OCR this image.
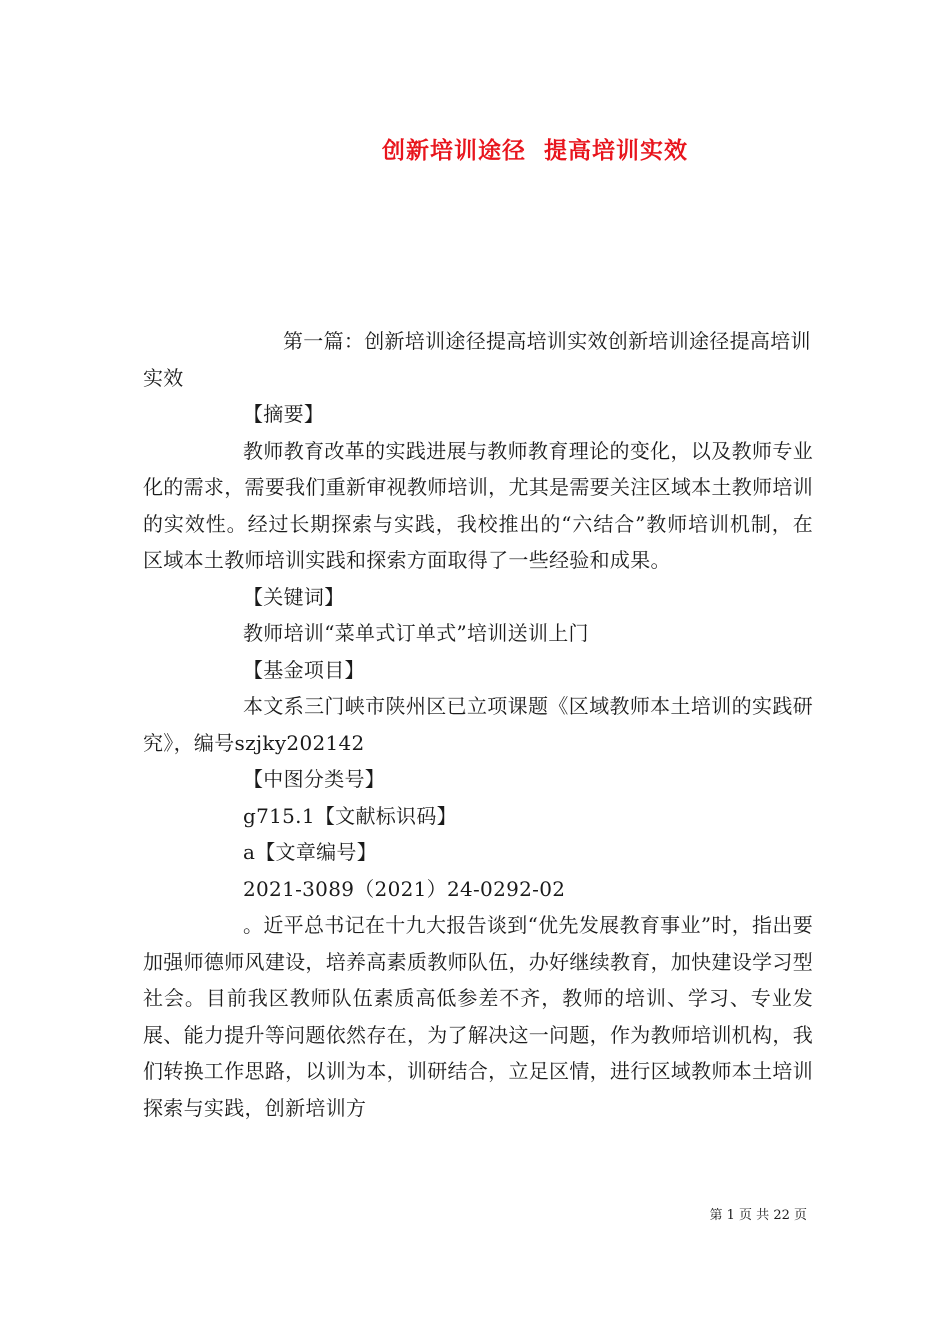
创新培训途径  提高培训实效

第一篇：创新培训途径提高培训实效创新培训途径提高培训实效

【摘要】

教师教育改革的实践进展与教师教育理论的变化，以及教师专业化的需求，需要我们重新审视教师培训，尤其是需要关注区域本土教师培训的实效性。经过长期探索与实践，我校推出的“六结合”教师培训机制，在区域本土教师培训实践和探索方面取得了一些经验和成果。

【关键词】

教师培训“菜单式订单式”培训送训上门

【基金项目】

本文系三门峡市陕州区已立项课题《区域教师本土培训的实践研究》，编号szjky202142

【中图分类号】

g715.1【文献标识码】

a【文章编号】

2021-3089（2021）24-0292-02

。近平总书记在十九大报告谈到“优先发展教育事业”时，指出要加强师德师风建设，培养高素质教师队伍，办好继续教育，加快建设学习型社会。目前我区教师队伍素质高低参差不齐，教师的培训、学习、专业发展、能力提升等问题依然存在，为了解决这一问题，作为教师培训机构，我们转换工作思路，以训为本，训研结合，立足区情，进行区域教师本土培训探索与实践，创新培训方

第 1 页 共 22 页
